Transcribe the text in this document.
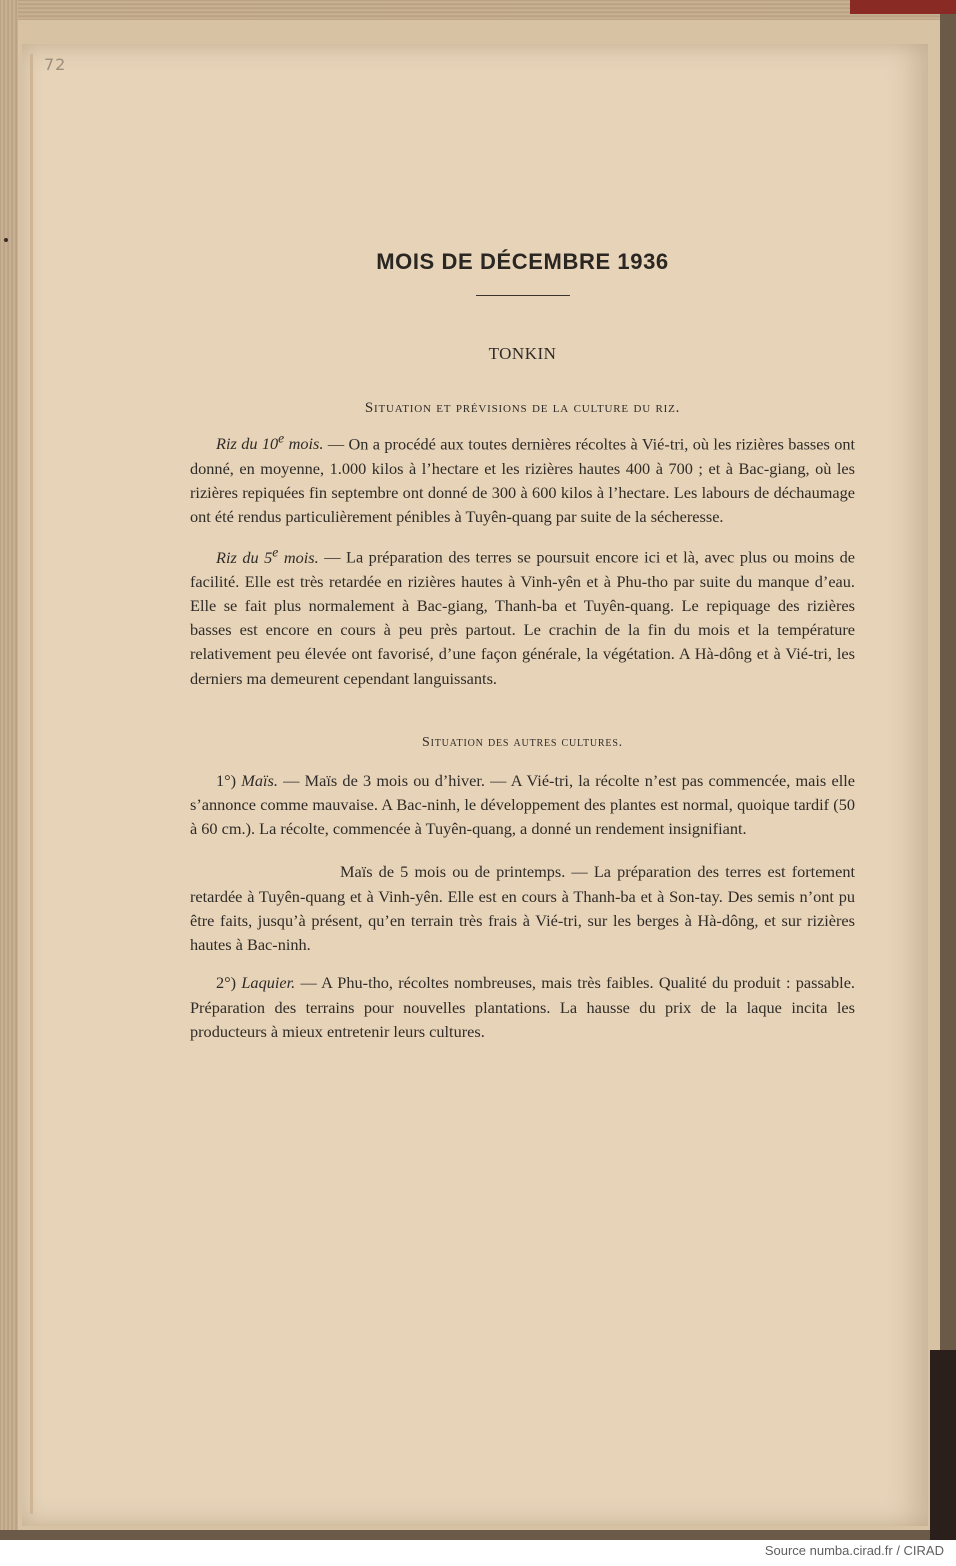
72
MOIS DE DÉCEMBRE 1936
TONKIN
Situation et prévisions de la culture du riz.

Riz du 10e mois. — On a procédé aux toutes dernières récoltes à Vié-tri, où les rizières basses ont donné, en moyenne, 1.000 kilos à l’hectare et les rizières hautes 400 à 700 ; et à Bac-giang, où les rizières repiquées fin septembre ont donné de 300 à 600 kilos à l’hectare. Les labours de déchaumage ont été rendus particulièrement pénibles à Tuyên-quang par suite de la sécheresse.

Riz du 5e mois. — La préparation des terres se poursuit encore ici et là, avec plus ou moins de facilité. Elle est très retardée en rizières hautes à Vinh-yên et à Phu-tho par suite du manque d’eau. Elle se fait plus normalement à Bac-giang, Thanh-ba et Tuyên-quang. Le repiquage des rizières basses est encore en cours à peu près partout. Le crachin de la fin du mois et la température relativement peu élevée ont favorisé, d’une façon générale, la végétation. A Hà-dông et à Vié-tri, les derniers ma demeurent cependant languissants.

Situation des autres cultures.

1°) Maïs. — Maïs de 3 mois ou d’hiver. — A Vié-tri, la récolte n’est pas commencée, mais elle s’annonce comme mauvaise. A Bac-ninh, le développement des plantes est normal, quoique tardif (50 à 60 cm.). La récolte, commencée à Tuyên-quang, a donné un rendement insignifiant.

Maïs de 5 mois ou de printemps. — La préparation des terres est fortement retardée à Tuyên-quang et à Vinh-yên. Elle est en cours à Thanh-ba et à Son-tay. Des semis n’ont pu être faits, jusqu’à présent, qu’en terrain très frais à Vié-tri, sur les berges à Hà-dông, et sur rizières hautes à Bac-ninh.

2°) Laquier. — A Phu-tho, récoltes nombreuses, mais très faibles. Qualité du produit : passable. Préparation des terrains pour nouvelles plantations. La hausse du prix de la laque incita les producteurs à mieux entretenir leurs cultures.

Source numba.cirad.fr / CIRAD
